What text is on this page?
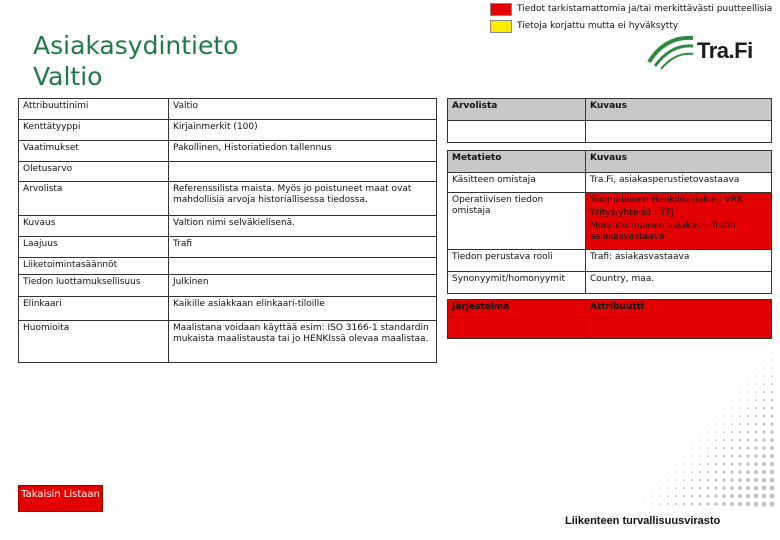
Tiedot tarkistamattomia ja/tai merkittävästi puutteellisia
Tietoja korjattu mutta ei hyväksytty
Asiakasydintieto
Valtio
Tra.Fi
Attribuuttinimi	Valtio
Kenttätyyppi	Kirjainmerkit (100)
Vaatimukset	Pakollinen, Historiatiedon tallennus
Oletusarvo	
Arvolista	Referenssilista maista. Myös jo poistuneet maat ovat mahdollisia arvoja historiallisessa tiedossa.
Kuvaus	Valtion nimi selväkielisenä.
Laajuus	Trafi
Liiketoimintasäännöt	
Tiedon luottamuksellisuus	Julkinen
Elinkaari	Kaikille asiakkaan elinkaari-tiloille
Huomioita	Maalistana voidaan käyttää esim: ISO 3166-1 standardin mukaista maalistausta tai jo HENKIssä olevaa maalistaa.
Arvolista	Kuvaus

Metatieto	Kuvaus
Käsitteen omistaja	Tra.Fi, asiakasperustietovastaava
Operatiivisen tiedon omistaja	Suomalainen Henkilöasiakas: VRK
Yritys/yhteisö : YTJ
Muu/ulkomainen asiakas – Trafin asiakasvastaava

Tiedon perustava rooli	Trafi: asiakasvastaava
Synonyymit/homonyymit	Country, maa.

Järjestelmä	Attribuutti

Takaisin Listaan
Liikenteen turvallisuusvirasto
